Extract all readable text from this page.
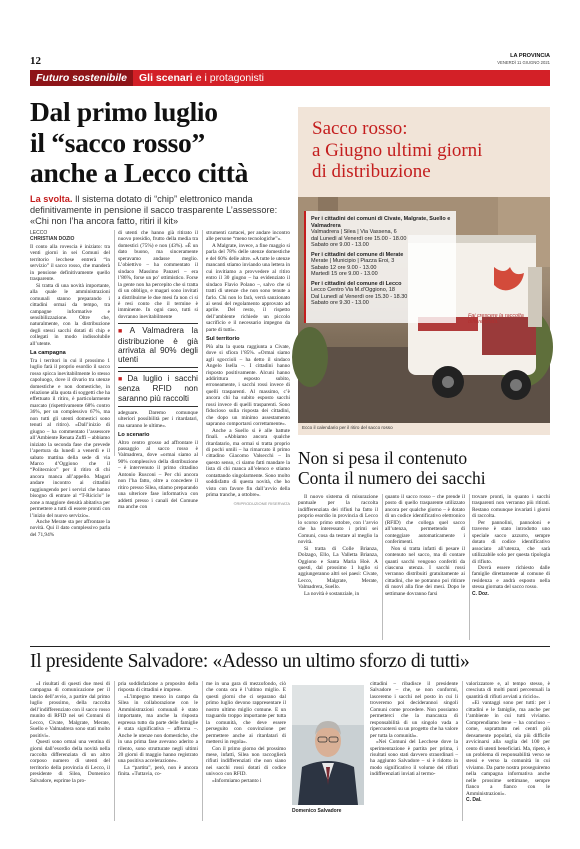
12	LA PROVINCIA
VENERDÌ 11 GIUGNO 2021
Futuro sostenibile	Gli scenari e i protagonisti
Dal primo luglio
il “sacco rosso”
anche a Lecco città
La svolta. Il sistema dotato di “chip” elettronico manda definitivamente in pensione il sacco trasparente L’assessore: «Chi non l’ha ancora fatto, ritiri il kit»
LECCO
CHRISTIAN DOZIO

Il conto alla rovescia è iniziato: tra venti giorni in sei Comuni del territorio lecchese entrerà “in servizio” il sacco rosso, che manderà in pensione definitivamente quello trasparente.

Si tratta di una novità importante, alla quale le amministrazioni comunali stanno preparando i cittadini ormai da tempo, tra campagne informative e sensibilizzazione. Oltre che, naturalmente, con la distribuzione degli stessi sacchi dotati di chip e collegati in modo indissolubile all’utente.

La campagna

Tra i territori in cui il prossimo 1 luglio farà il proprio esordio il sacco rosso spicca inevitabilmente lo stesso capoluogo, dove il divario tra utenze domestiche e non domestiche, in relazione alla quota di soggetti che ha effettuato il ritiro, è particolarmente marcato (rispettivamente 68% contro 36%, per un complessivo 67%, ma non tutti gli utenti domestici sono tenuti al ritiro). «Dall’inizio di giugno – ha commentato l’assessore all’Ambiente Renata Zuffi – abbiamo iniziato la seconda fase che prevede l’apertura da lunedì a venerdì e il sabato mattina della sede di via Marco d’Oggiono che il “Politecnico” per il ritiro di chi ancora manca all’appello. Magari andare incontro ai cittadini raggiungendo per i servizi che hanno bisogno di entrare al “T-Riciclo” le zone a maggiore densità abitativa per permettere a tutti di essere pronti con l’inizio del nuovo servizio».

Anche Merate sta per affrontare la novità. Qui il dato complessivo parla del 71,94%

di utenti che hanno già ritirato il nuovo presidio, frutto della media tra domestici (75%) e non (43%). «È un dato buono, ma sinceramente speravamo andasse meglio. L’obiettivo – ha commentato il sindaco Massimo Panzeri – era l’86%, forse un po’ ottimistico. Forse la gente non ha percepito che si tratta di un obbligo, e magari sono invitati a distribuirne le due mesi fa non ci si è resi conto che il termine è imminente. In ogni caso, tutti si dovranno inevitabilmente

■ A Valmadrera la distribuzione è già arrivata al 90% degli utenti
■ Da luglio i sacchi senza RFID non saranno più raccolti

adeguare. Daremo comunque ulteriori possibilità per i ritardatari, ma saranno le ultime».

Lo scenario

Altro centro grosso ad affrontare il passaggio al sacco rosso è Valmadrera, dove «ormai siamo al 90% complessivo della distribuzione – è intervenuto il primo cittadino Antonio Rusconi – Per chi ancora non l’ha fatto, oltre a concedere il ritiro presso Silea, stiamo preparando una ulteriore fase informativa con addetti presso i canali del Comune ma anche con

strumenti cartacei, per andare incontro alle persone “meno tecnologiche”».

A Malgrate, invece, a fine maggio si parla del 78% delle utenze domestiche e del 60% delle altre. «A tutte le utenze mancanti stiamo inviando una lettera in cui invitiamo a provvedere al ritiro entro il 30 giugno – ha evidenziato il sindaco Flavio Polano –, salvo che si tratti di utenze che non sono tenute a farlo. Chi non lo farà, verrà sanzionato ai sensi del regolamento approvato ad aprile. Del resto, il rispetto dell’ambiente richiede un piccolo sacrificio e il necessario impegno da parte di tutti».

Sul territorio

Più alta la quota raggiunta a Civate, dove si sfiora l’85%. «Ormai siamo agli sgoccioli – ha detto il sindaco Angelo Isella –. I cittadini hanno risposto positivamente. Alcuni hanno addirittura esposto subito, erroneamente, i sacchi rossi invece di quelli trasparenti. Al massimo, c’è ancora chi ha subito esposto sacchi rossi invece di quelli trasparenti. Sono fiducioso sulla risposta dei cittadini, che dopo un minimo assestamento sapranno comportarsi correttamente».

Anche a Suello si è alle battute finali. «Abbiamo ancora qualche ritardatario, ma ormai si tratta proprio di pochi umili – ha rimarcato il primo cittadino Giacomo Valsecchi – In questo senso, ci siamo fatti mandare la lista di chi manca all’elenco e stiamo contattando singolarmente. Sono molto soddisfatto di questa novità, che ho visto con favore fin dall’avvio della prima tranche, a ottobre».

©RIPRODUZIONE RISERVATA
Sacco rosso:
a Giugno ultimi giorni
di distribuzione
Fai crescere la raccolta differenziata.
Per i cittadini dei comuni di Civate, Malgrate, Suello e Valmadrera
Valmadrera | Silea | Via Vassena, 6
dal Lunedì al Venerdì ore 15.00 - 18.00
Sabato ore 9.00 - 13.00
Per i cittadini del comune di Merate
Merate | Municipio | Piazza Eroi, 3
Sabato 12 ore 9.00 - 13.00
Martedì 15 ore 9.00 - 13.00
Per i cittadini del comune di Lecco
Lecco Centro Via M.d’Oggiono, 18
Dal Lunedì al Venerdì ore 15.30 - 18.30
Sabato ore 9.30 - 13.00
Ecco il calendario per il ritiro del sacco rosso
Non si pesa il contenuto
Conta il numero dei sacchi

Il nuovo sistema di misurazione puntuale per la raccolta indifferenziata dei rifiuti ha fatto il proprio esordio in provincia di Lecco lo scorso primo ottobre, con l’avvio che ha interessato i primi sei Comuni, cosa da testare al meglio la novità.

Si tratta di Colle Brianza, Dolzago, Ello, La Valletta Brianza, Oggiono e Santa Maria Hoè. A questi, dal prossimo 1 luglio si aggiungeranno altri sei paesi: Civate, Lecco, Malgrate, Merate, Valmadrera, Suello.

La novità è sostanziale, in

quanto il sacco rosso – che prende il posto di quello trasparente utilizzato ancora per qualche giorno – è dotato di un codice identificativo elettronico (RFID) che collega quel sacco all’utenza, permettendo di conteggiare automaticamente i conferimenti.

Non si tratta infatti di pesare il contenuto nel sacco, ma di contare quanti sacchi vengono conferiti da ciascuna utenza. I sacchi rossi verranno distribuiti gratuitamente ai cittadini, che ne potranno poi ritirare di nuovi alla fine dei mesi. Dopo le settimane dovranno farsi

trovare pronti, in quanto i sacchi trasparenti non verranno più ritirati. Restano comunque invariati i giorni di raccolta.

Per pannolini, pannoloni e traverse è stato introdotto uno speciale sacco azzurro, sempre dotato di codice identificativo associato all’utenza, che sarà utilizzabile solo per questa tipologia di rifiuto.

Dovrà essere richiesto dalle famiglie direttamente al comune di residenza e andrà esposto nella stessa giornata del sacco rosso.

C. Doz.
Il presidente Salvadore: «Adesso un ultimo sforzo di tutti»

«I risultati di questi due mesi di campagna di comunicazione per il lancio dell’avvio, a partire dal primo luglio prossimo, della raccolta dell’indifferenziato con il sacco rosso munito di RFID nei sei Comuni di Lecco, Civate, Malgrate, Merate, Suello e Valmadrera sono stati molto positivi».

Questi sono ormai una ventina di giorni dall’esordio della novità nella raccolta differenziata di un altro corposo numero di utenti del territorio della provincia di Lecco, il presidente di Silea, Domenico Salvadore, esprime la pro-

pria soddisfazione a proposito della risposta di cittadini e imprese.

«L’impegno messo in campo da Silea in collaborazione con le Amministrazioni comunali è stato importante, ma anche la risposta espressa tutto da parte delle famiglie è stata significativa – afferma –. Anche le utenze non domestiche, che in una prima fase avevano aderito a rilento, sono strutturate negli ultimi 20 giorni di maggio hanno registrato una positiva accelerazione».

La “partita”, però, non è ancora finita. «Tuttavia, co-

me in una gara di mezzofondo, ciò che conta ora è l’ultimo miglio. E questi giorni che ci separano dal primo luglio devono rappresentare il nostro ultimo miglio comune. E un traguardo troppo importante per tutta la comunità, che deve essere perseguito con convinzione per permettere anche ai ritardatari di mettersi in regola».

Con il primo giorno del prossimo mese, infatti, Silea non raccoglierà rifiuti indifferenziati che non siano nei sacchi rossi dotati di codice univoco con RFID.

«Informiamo pertanto i

Domenico Salvadore

cittadini – ribadisce il presidente Salvadore – che, se non conformi, lasceremo i sacchi nel posto in cui li troveremo poi deciderannoi singoli Comuni come procedere. Non possiamo permetterci che la mancanza di responsabilità di un singolo vada a ripercuotersi su un progetto che ha valore per tutta la comunità».

«Nei Comuni del Lecchese dove la sperimentazione è partita per prima, i risultati sono stati davvero straordinari – ha aggiunto Salvadore – si è ridotto in modo significativo il volume dei rifiuti indifferenziati inviati al termo-

valorizzatore e, al tempo stesso, è cresciuta di molti punti percentuali la quantità di rifiuti avviati a riciclo».

«Ei vantaggi sono per tutti: per i cittadini e le famiglie, ma anche per l’ambiente in cui tutti viviamo. Comprendiamo bene – ha concluso – come, soprattutto nei centri più densamente popolati, sia più difficile avvicinarsi alla soglia del 100 per cento di utenti beneficiati. Ma, ripeto, è un problema di responsabilità verso se stessi e verso la comunità in cui viviamo. Da parte nostra proseguiremo nella campagna informativa anche nelle prossime settimane, sempre fianco a fianco con le Amministrazioni».

C. Dal.
